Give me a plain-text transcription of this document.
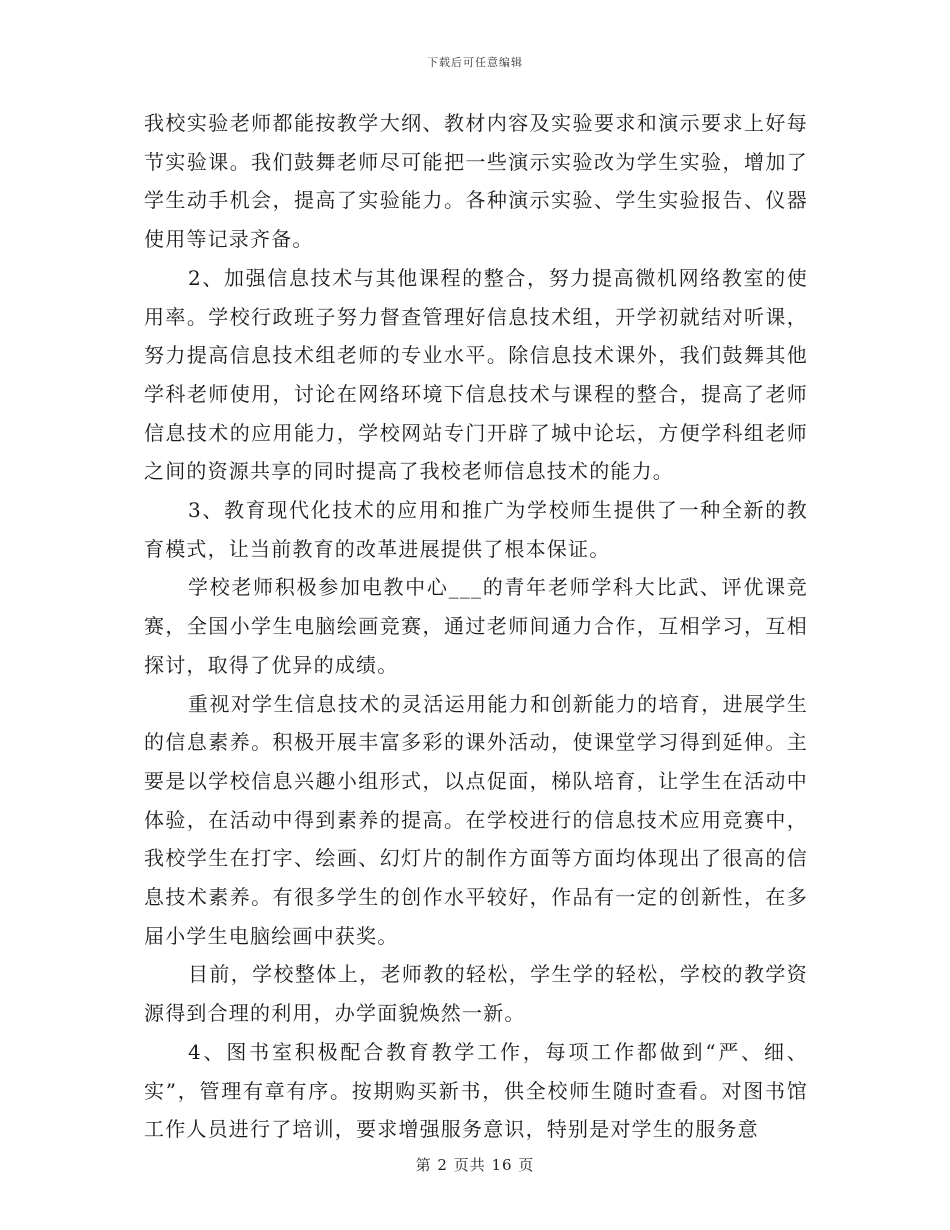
下载后可任意编辑

我校实验老师都能按教学大纲、教材内容及实验要求和演示要求上好每节实验课。我们鼓舞老师尽可能把一些演示实验改为学生实验，增加了学生动手机会，提高了实验能力。各种演示实验、学生实验报告、仪器使用等记录齐备。

2、加强信息技术与其他课程的整合，努力提高微机网络教室的使用率。学校行政班子努力督查管理好信息技术组，开学初就结对听课，努力提高信息技术组老师的专业水平。除信息技术课外，我们鼓舞其他学科老师使用，讨论在网络环境下信息技术与课程的整合，提高了老师信息技术的应用能力，学校网站专门开辟了城中论坛，方便学科组老师之间的资源共享的同时提高了我校老师信息技术的能力。

3、教育现代化技术的应用和推广为学校师生提供了一种全新的教育模式，让当前教育的改革进展提供了根本保证。

学校老师积极参加电教中心___的青年老师学科大比武、评优课竞赛，全国小学生电脑绘画竞赛，通过老师间通力合作，互相学习，互相探讨，取得了优异的成绩。

重视对学生信息技术的灵活运用能力和创新能力的培育，进展学生的信息素养。积极开展丰富多彩的课外活动，使课堂学习得到延伸。主要是以学校信息兴趣小组形式，以点促面，梯队培育，让学生在活动中体验，在活动中得到素养的提高。在学校进行的信息技术应用竞赛中，我校学生在打字、绘画、幻灯片的制作方面等方面均体现出了很高的信息技术素养。有很多学生的创作水平较好，作品有一定的创新性，在多届小学生电脑绘画中获奖。

目前，学校整体上，老师教的轻松，学生学的轻松，学校的教学资源得到合理的利用，办学面貌焕然一新。

4、图书室积极配合教育教学工作，每项工作都做到“严、细、实”，管理有章有序。按期购买新书，供全校师生随时查看。对图书馆工作人员进行了培训，要求增强服务意识，特别是对学生的服务意

第 2 页共 16 页
